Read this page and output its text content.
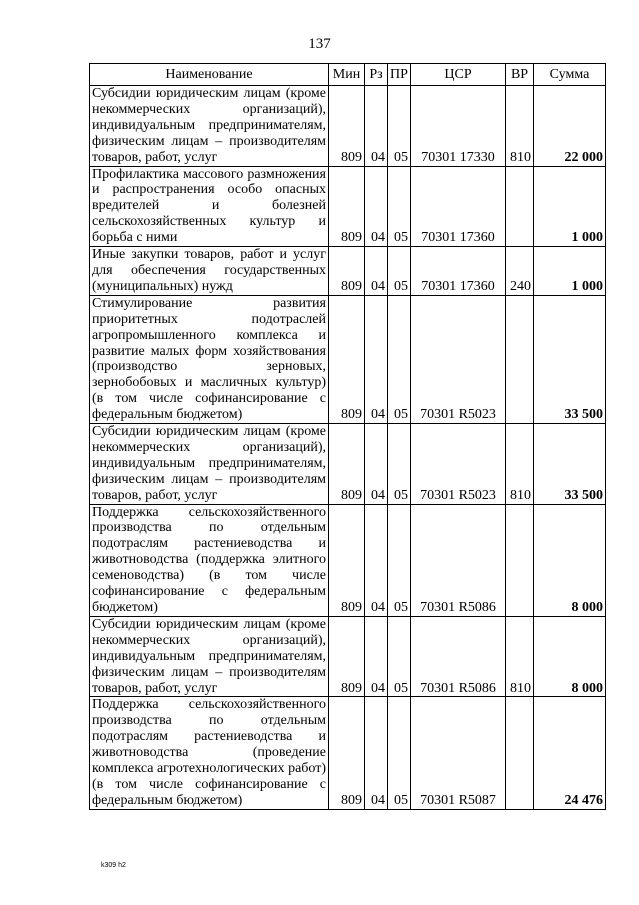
137
Наименование	Мин	Рз	ПР	ЦСР	ВР	Сумма
Субсидии юридическим лицам (кроме некоммерческих организаций), индивидуальным предпринимателям, физическим лицам – производителям товаров, работ, услуг	809	04	05	70301 17330	810	22 000
Профилактика массового размножения и распространения особо опасных вредителей и болезней сельскохозяйственных культур и борьба с ними	809	04	05	70301 17360		1 000
Иные закупки товаров, работ и услуг для обеспечения государственных (муниципальных) нужд	809	04	05	70301 17360	240	1 000
Стимулирование развития приоритетных подотраслей агропромышленного комплекса и развитие малых форм хозяйствования (производство зерновых, зернобобовых и масличных культур) (в том числе софинансирование с федеральным бюджетом)	809	04	05	70301 R5023		33 500
Субсидии юридическим лицам (кроме некоммерческих организаций), индивидуальным предпринимателям, физическим лицам – производителям товаров, работ, услуг	809	04	05	70301 R5023	810	33 500
Поддержка сельскохозяйственного производства по отдельным подотраслям растениеводства и животноводства (поддержка элитного семеноводства) (в том числе софинансирование с федеральным бюджетом)	809	04	05	70301 R5086		8 000
Субсидии юридическим лицам (кроме некоммерческих организаций), индивидуальным предпринимателям, физическим лицам – производителям товаров, работ, услуг	809	04	05	70301 R5086	810	8 000
Поддержка сельскохозяйственного производства по отдельным подотраслям растениеводства и животноводства (проведение комплекса агротехнологических работ) (в том числе софинансирование с федеральным бюджетом)	809	04	05	70301 R5087		24 476
k309 h2
